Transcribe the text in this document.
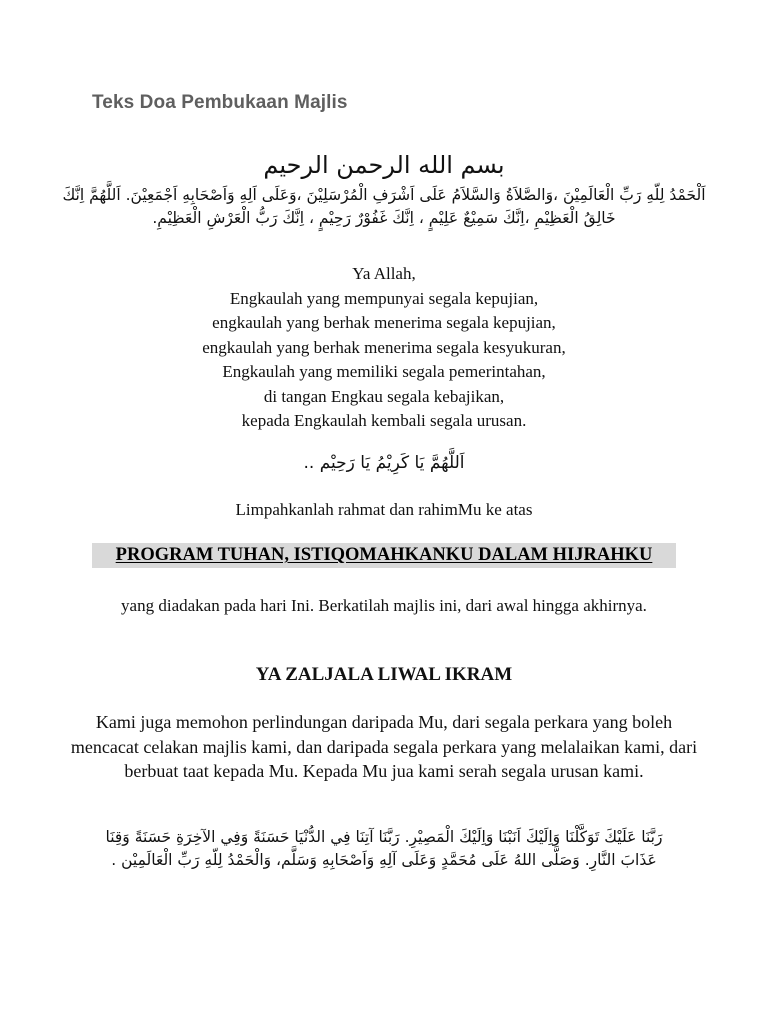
Teks Doa Pembukaan Majlis
بسم الله الرحمن الرحيم
اَلْحَمْدُ لِلّهِ رَبِّ الْعَالَمِيْنَ ،وَالصَّلاَةُ وَالسَّلاَمُ عَلَى اَشْرَفِ الْمُرْسَلِيْنَ ،وَعَلَى اَلِهِ وَاَصْحَابِهِ اَجْمَعِيْنَ. اَللَّهُمَّ اِنَّكَ خَالِقُ الْعَظِيْمِ ،اِنَّكَ سَمِيْعٌ عَلِيْمٍ ، اِنَّكَ غَفُوْرٌ رَحِيْمٍ ، اِنَّكَ رَبُّ الْعَرْشِ الْعَظِيْمِ.
Ya Allah,
Engkaulah yang mempunyai segala kepujian,
engkaulah yang berhak menerima segala kepujian,
engkaulah yang berhak menerima segala kesyukuran,
Engkaulah yang memiliki segala pemerintahan,
di tangan Engkau segala kebajikan,
kepada Engkaulah kembali segala urusan.
اَللَّهُمَّ يَا كَرِيْمُ يَا رَحِيْم ..
Limpahkanlah rahmat dan rahimMu ke atas
PROGRAM TUHAN, ISTIQOMAHKANKU DALAM HIJRAHKU
yang diadakan pada hari Ini. Berkatilah majlis ini, dari awal hingga akhirnya.
YA ZALJALA LIWAL IKRAM
Kami juga memohon perlindungan daripada Mu, dari segala perkara yang boleh mencacat celakan majlis kami, dan daripada segala perkara yang melalaikan kami, dari berbuat taat kepada Mu. Kepada Mu jua kami serah segala urusan kami.
رَبَّنَا عَلَيْكَ تَوَكَّلْنَا وَاِلَيْكَ اَنَبْنَا وَاِلَيْكَ الْمَصِيْرِ. رَبَّنَا آتِنَا فِي الدُّنْيَا حَسَنَةً وَفِي الآخِرَةِ حَسَنَةً وَقِنَا عَذَابَ النَّارِ. وَصَلَّى اللهُ عَلَى مُحَمَّدٍ وَعَلَى آلِهِ وَاَصْحَابِهِ وَسَلَّم، وَالْحَمْدُ لِلّهِ رَبِّ الْعَالَمِيْن .
